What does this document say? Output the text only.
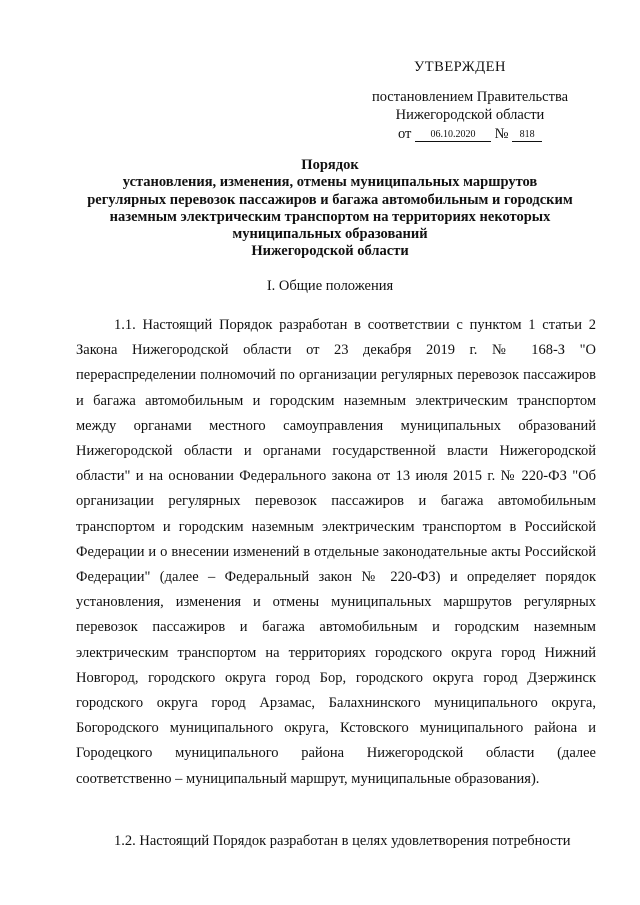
УТВЕРЖДЕН
постановлением Правительства
Нижегородской области
от 06.10.2020 № 818
Порядок
установления, изменения, отмены муниципальных маршрутов
регулярных перевозок пассажиров и багажа автомобильным и городским
наземным электрическим транспортом на территориях некоторых
муниципальных образований
Нижегородской области
I. Общие положения

1.1. Настоящий Порядок разработан в соответствии с пунктом 1 статьи 2 Закона Нижегородской области от 23 декабря 2019 г. № 168-З "О перераспределении полномочий по организации регулярных перевозок пассажиров и багажа автомобильным и городским наземным электрическим транспортом между органами местного самоуправления муниципальных образований Нижегородской области и органами государственной власти Нижегородской области" и на основании Федерального закона от 13 июля 2015 г. № 220-ФЗ "Об организации регулярных перевозок пассажиров и багажа автомобильным транспортом и городским наземным электрическим транспортом в Российской Федерации и о внесении изменений в отдельные законодательные акты Российской Федерации" (далее – Федеральный закон № 220-ФЗ) и определяет порядок установления, изменения и отмены муниципальных маршрутов регулярных перевозок пассажиров и багажа автомобильным и городским наземным электрическим транспортом на территориях городского округа город Нижний Новгород, городского округа город Бор, городского округа город Дзержинск городского округа город Арзамас, Балахнинского муниципального округа, Богородского муниципального округа, Кстовского муниципального района и Городецкого муниципального района Нижегородской области (далее соответственно – муниципальный маршрут, муниципальные образования).

1.2. Настоящий Порядок разработан в целях удовлетворения потребности
